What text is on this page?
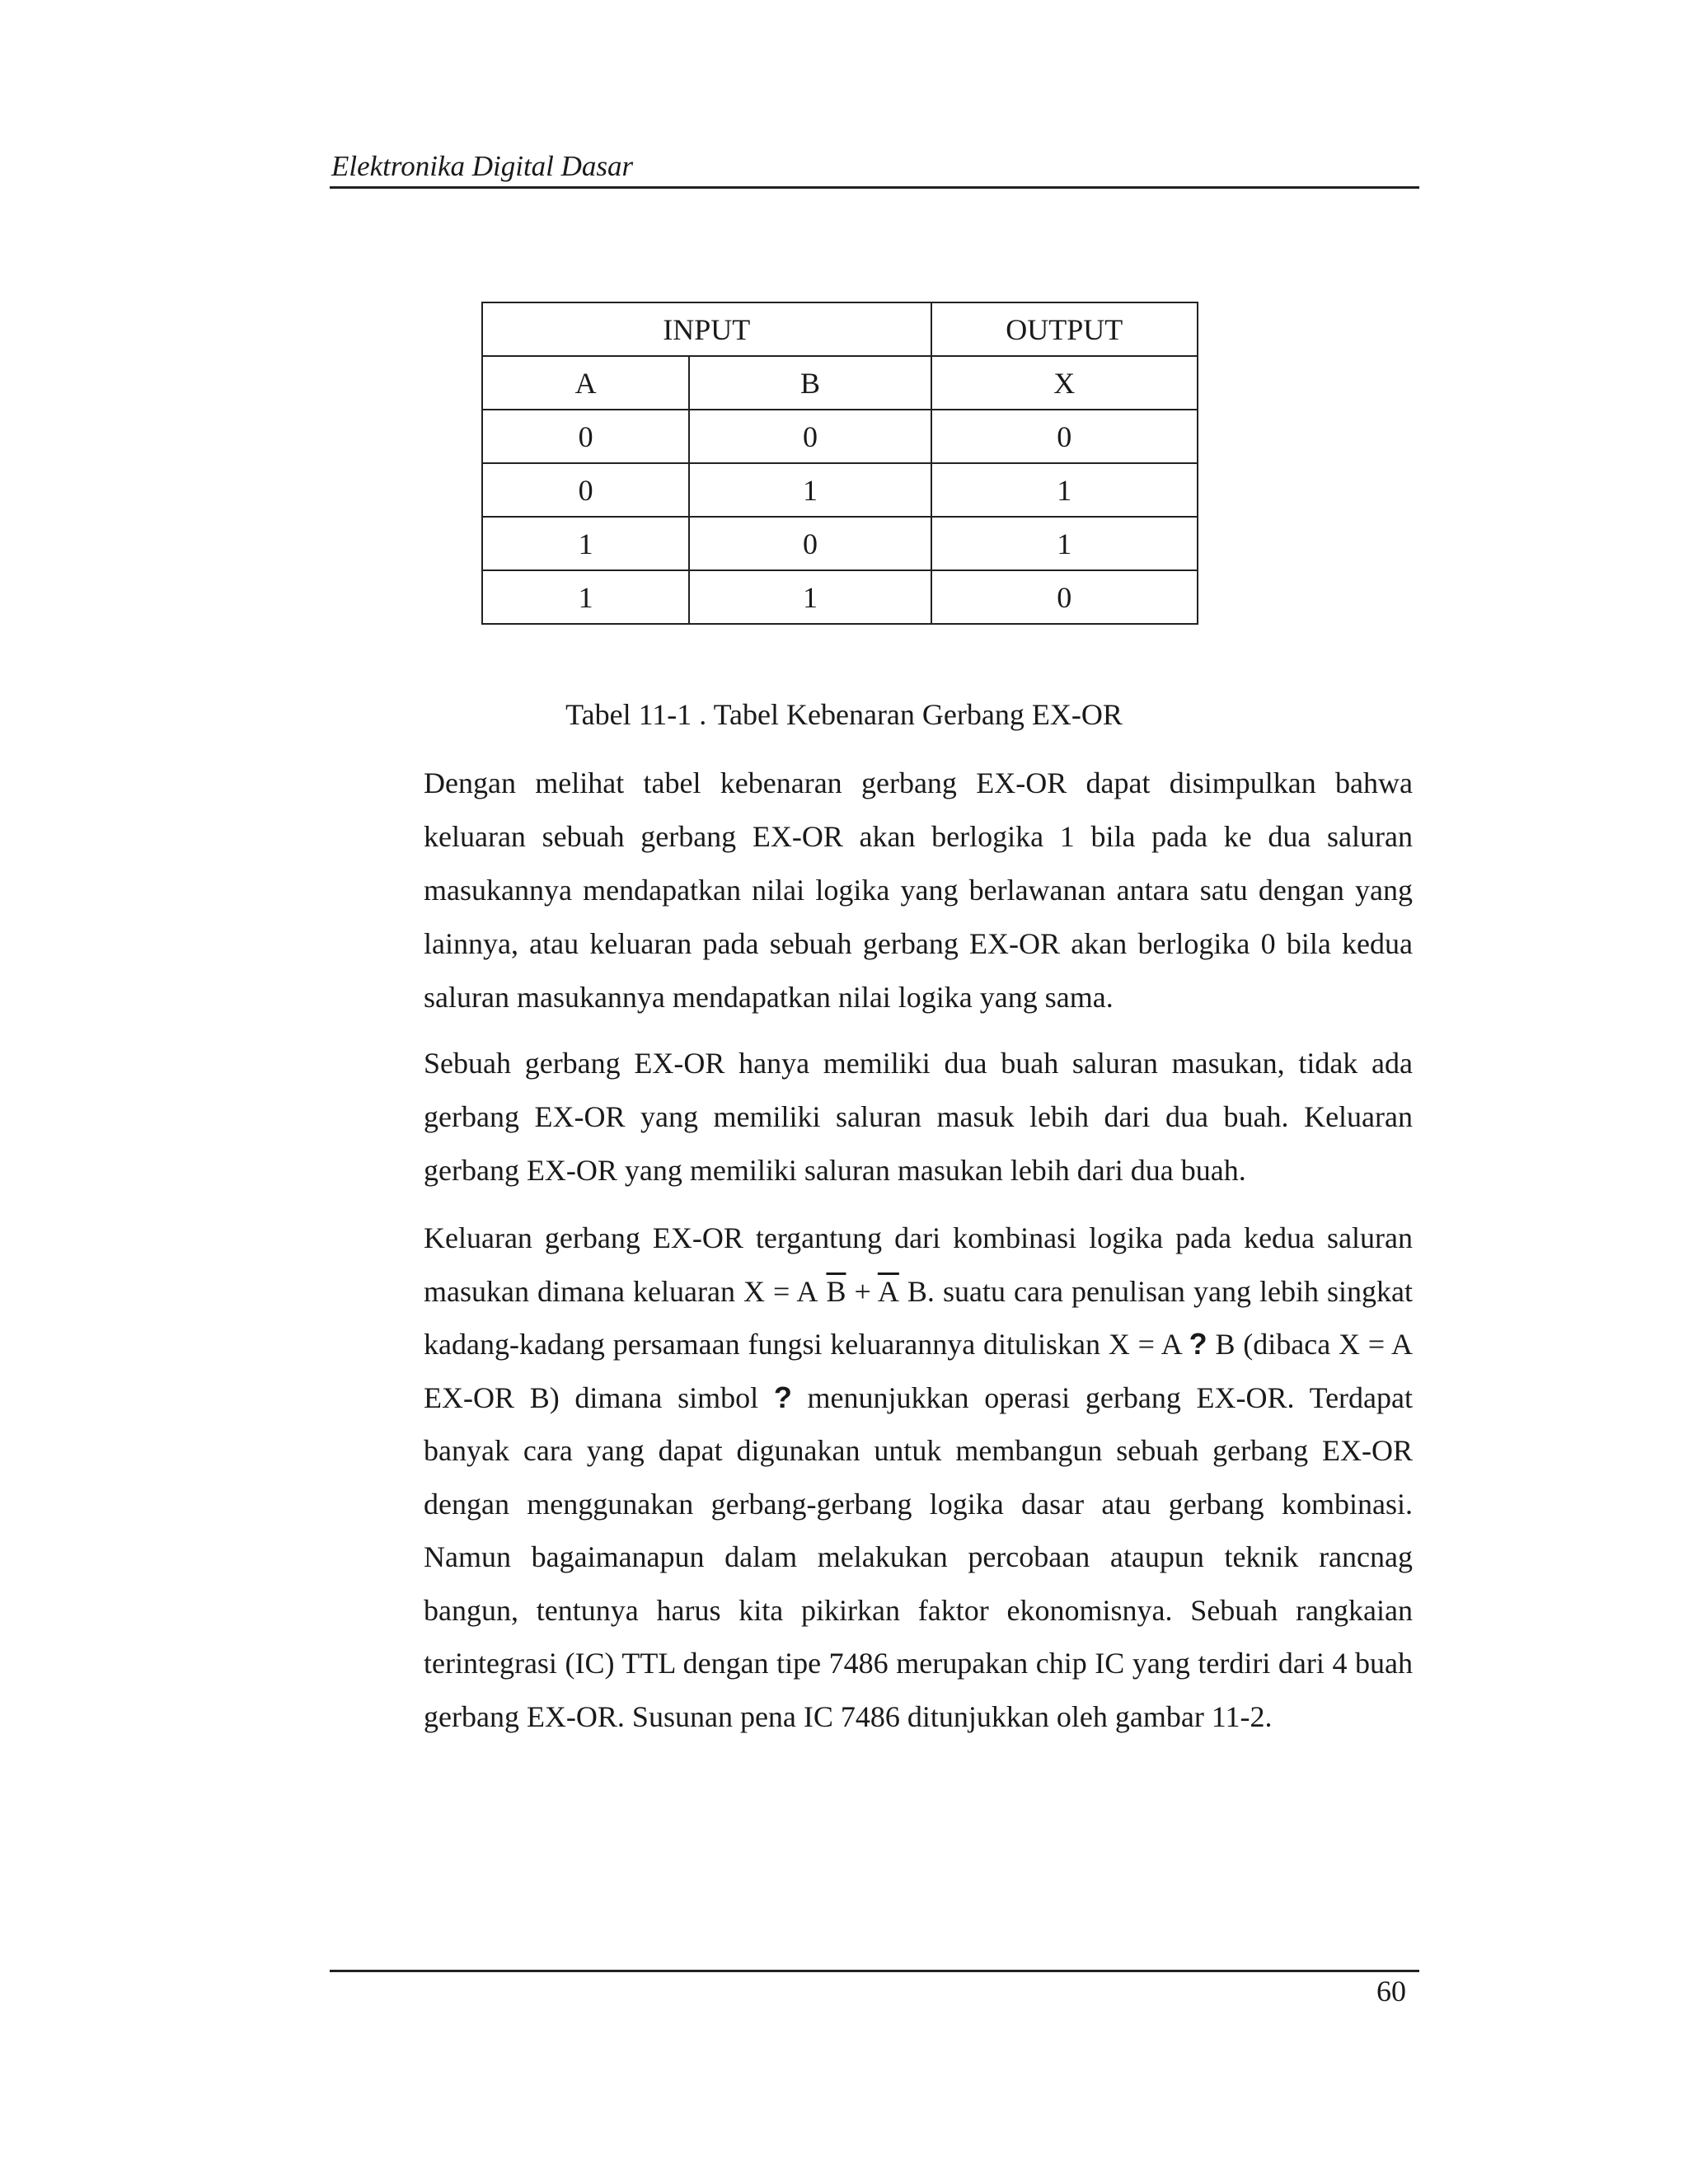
Elektronika Digital Dasar
INPUT		OUTPUT
A	B	X
0	0	0
0	1	1
1	0	1
1	1	0
Tabel 11-1 . Tabel Kebenaran Gerbang EX-OR

Dengan melihat tabel kebenaran gerbang EX-OR dapat disimpulkan bahwa keluaran sebuah gerbang EX-OR akan berlogika 1 bila pada ke dua saluran masukannya mendapatkan nilai logika yang berlawanan antara satu dengan yang lainnya, atau keluaran pada sebuah gerbang EX-OR akan berlogika 0 bila kedua saluran masukannya mendapatkan nilai logika yang sama.

Sebuah gerbang EX-OR hanya memiliki dua buah saluran masukan, tidak ada gerbang EX-OR yang memiliki saluran masuk lebih dari dua buah. Keluaran gerbang EX-OR yang memiliki saluran masukan lebih dari dua buah.

Keluaran gerbang EX-OR tergantung dari kombinasi logika pada kedua saluran masukan dimana keluaran X = A $\overline{B} + \overline{A}$ B. suatu cara penulisan yang lebih singkat kadang-kadang persamaan fungsi keluarannya dituliskan X = A ? B (dibaca X = A EX-OR B) dimana simbol ? menunjukkan operasi gerbang EX-OR. Terdapat banyak cara yang dapat digunakan untuk membangun sebuah gerbang EX-OR dengan menggunakan gerbang-gerbang logika dasar atau gerbang kombinasi. Namun bagaimanapun dalam melakukan percobaan ataupun teknik rancnag bangun, tentunya harus kita pikirkan faktor ekonomisnya. Sebuah rangkaian terintegrasi (IC) TTL dengan tipe 7486 merupakan chip IC yang terdiri dari 4 buah gerbang EX-OR. Susunan pena IC 7486 ditunjukkan oleh gambar 11-2.

60
